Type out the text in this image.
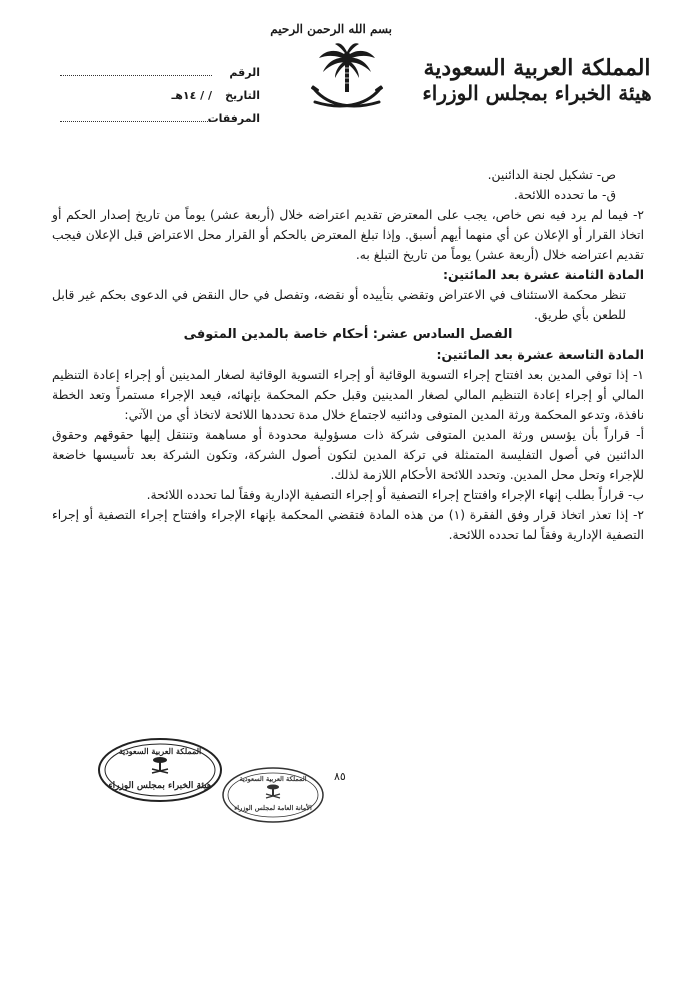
المملكة العربية السعودية
هيئة الخبراء بمجلس الوزراء
بسم الله الرحمن الرحيم
الرقم
التاريخ
/ / ١٤هـ
المرفقات

ص- تشكيل لجنة الدائنين.

ق- ما تحدده اللائحة.

٢- فيما لم يرد فيه نص خاص، يجب على المعترض تقديم اعتراضه خلال (أربعة عشر) يوماً من تاريخ إصدار الحكم أو اتخاذ القرار أو الإعلان عن أي منهما أيهم أسبق. وإذا تبلغ المعترض بالحكم أو القرار محل الاعتراض قبل الإعلان فيجب تقديم اعتراضه خلال (أربعة عشر) يوماً من تاريخ التبلغ به.

المادة الثامنة عشرة بعد المائتين:

تنظر محكمة الاستئناف في الاعتراض وتقضي بتأييده أو نقضه، وتفصل في حال النقض في الدعوى بحكم غير قابل للطعن بأي طريق.

الفصل السادس عشر: أحكام خاصة بالمدين المتوفى

المادة التاسعة عشرة بعد المائتين:

١- إذا توفي المدين بعد افتتاح إجراء التسوية الوقائية أو إجراء التسوية الوقائية لصغار المدينين أو إجراء إعادة التنظيم المالي أو إجراء إعادة التنظيم المالي لصغار المدينين وقبل حكم المحكمة بإنهائه، فيعد الإجراء مستمراً وتعد الخطة نافذة، وتدعو المحكمة ورثة المدين المتوفى ودائنيه لاجتماع خلال مدة تحددها اللائحة لاتخاذ أي من الآتي:

أ- قراراً بأن يؤسس ورثة المدين المتوفى شركة ذات مسؤولية محدودة أو مساهمة وتنتقل إليها حقوقهم وحقوق الدائنين في أصول التفليسة المتمثلة في تركة المدين لتكون أصول الشركة، وتكون الشركة بعد تأسيسها خاضعة للإجراء وتحل محل المدين. وتحدد اللائحة الأحكام اللازمة لذلك.

ب- قراراً بطلب إنهاء الإجراء وافتتاح إجراء التصفية أو إجراء التصفية الإدارية وفقاً لما تحدده اللائحة.

٢- إذا تعذر اتخاذ قرار وفق الفقرة (١) من هذه المادة فتقضي المحكمة بإنهاء الإجراء وافتتاح إجراء التصفية أو إجراء التصفية الإدارية وفقاً لما تحدده اللائحة.

٨٥
المملكة العربية السعودية
هيئة الخبراء بمجلس الوزراء
المملكة العربية السعودية
الأمانة العامة لمجلس الوزراء
